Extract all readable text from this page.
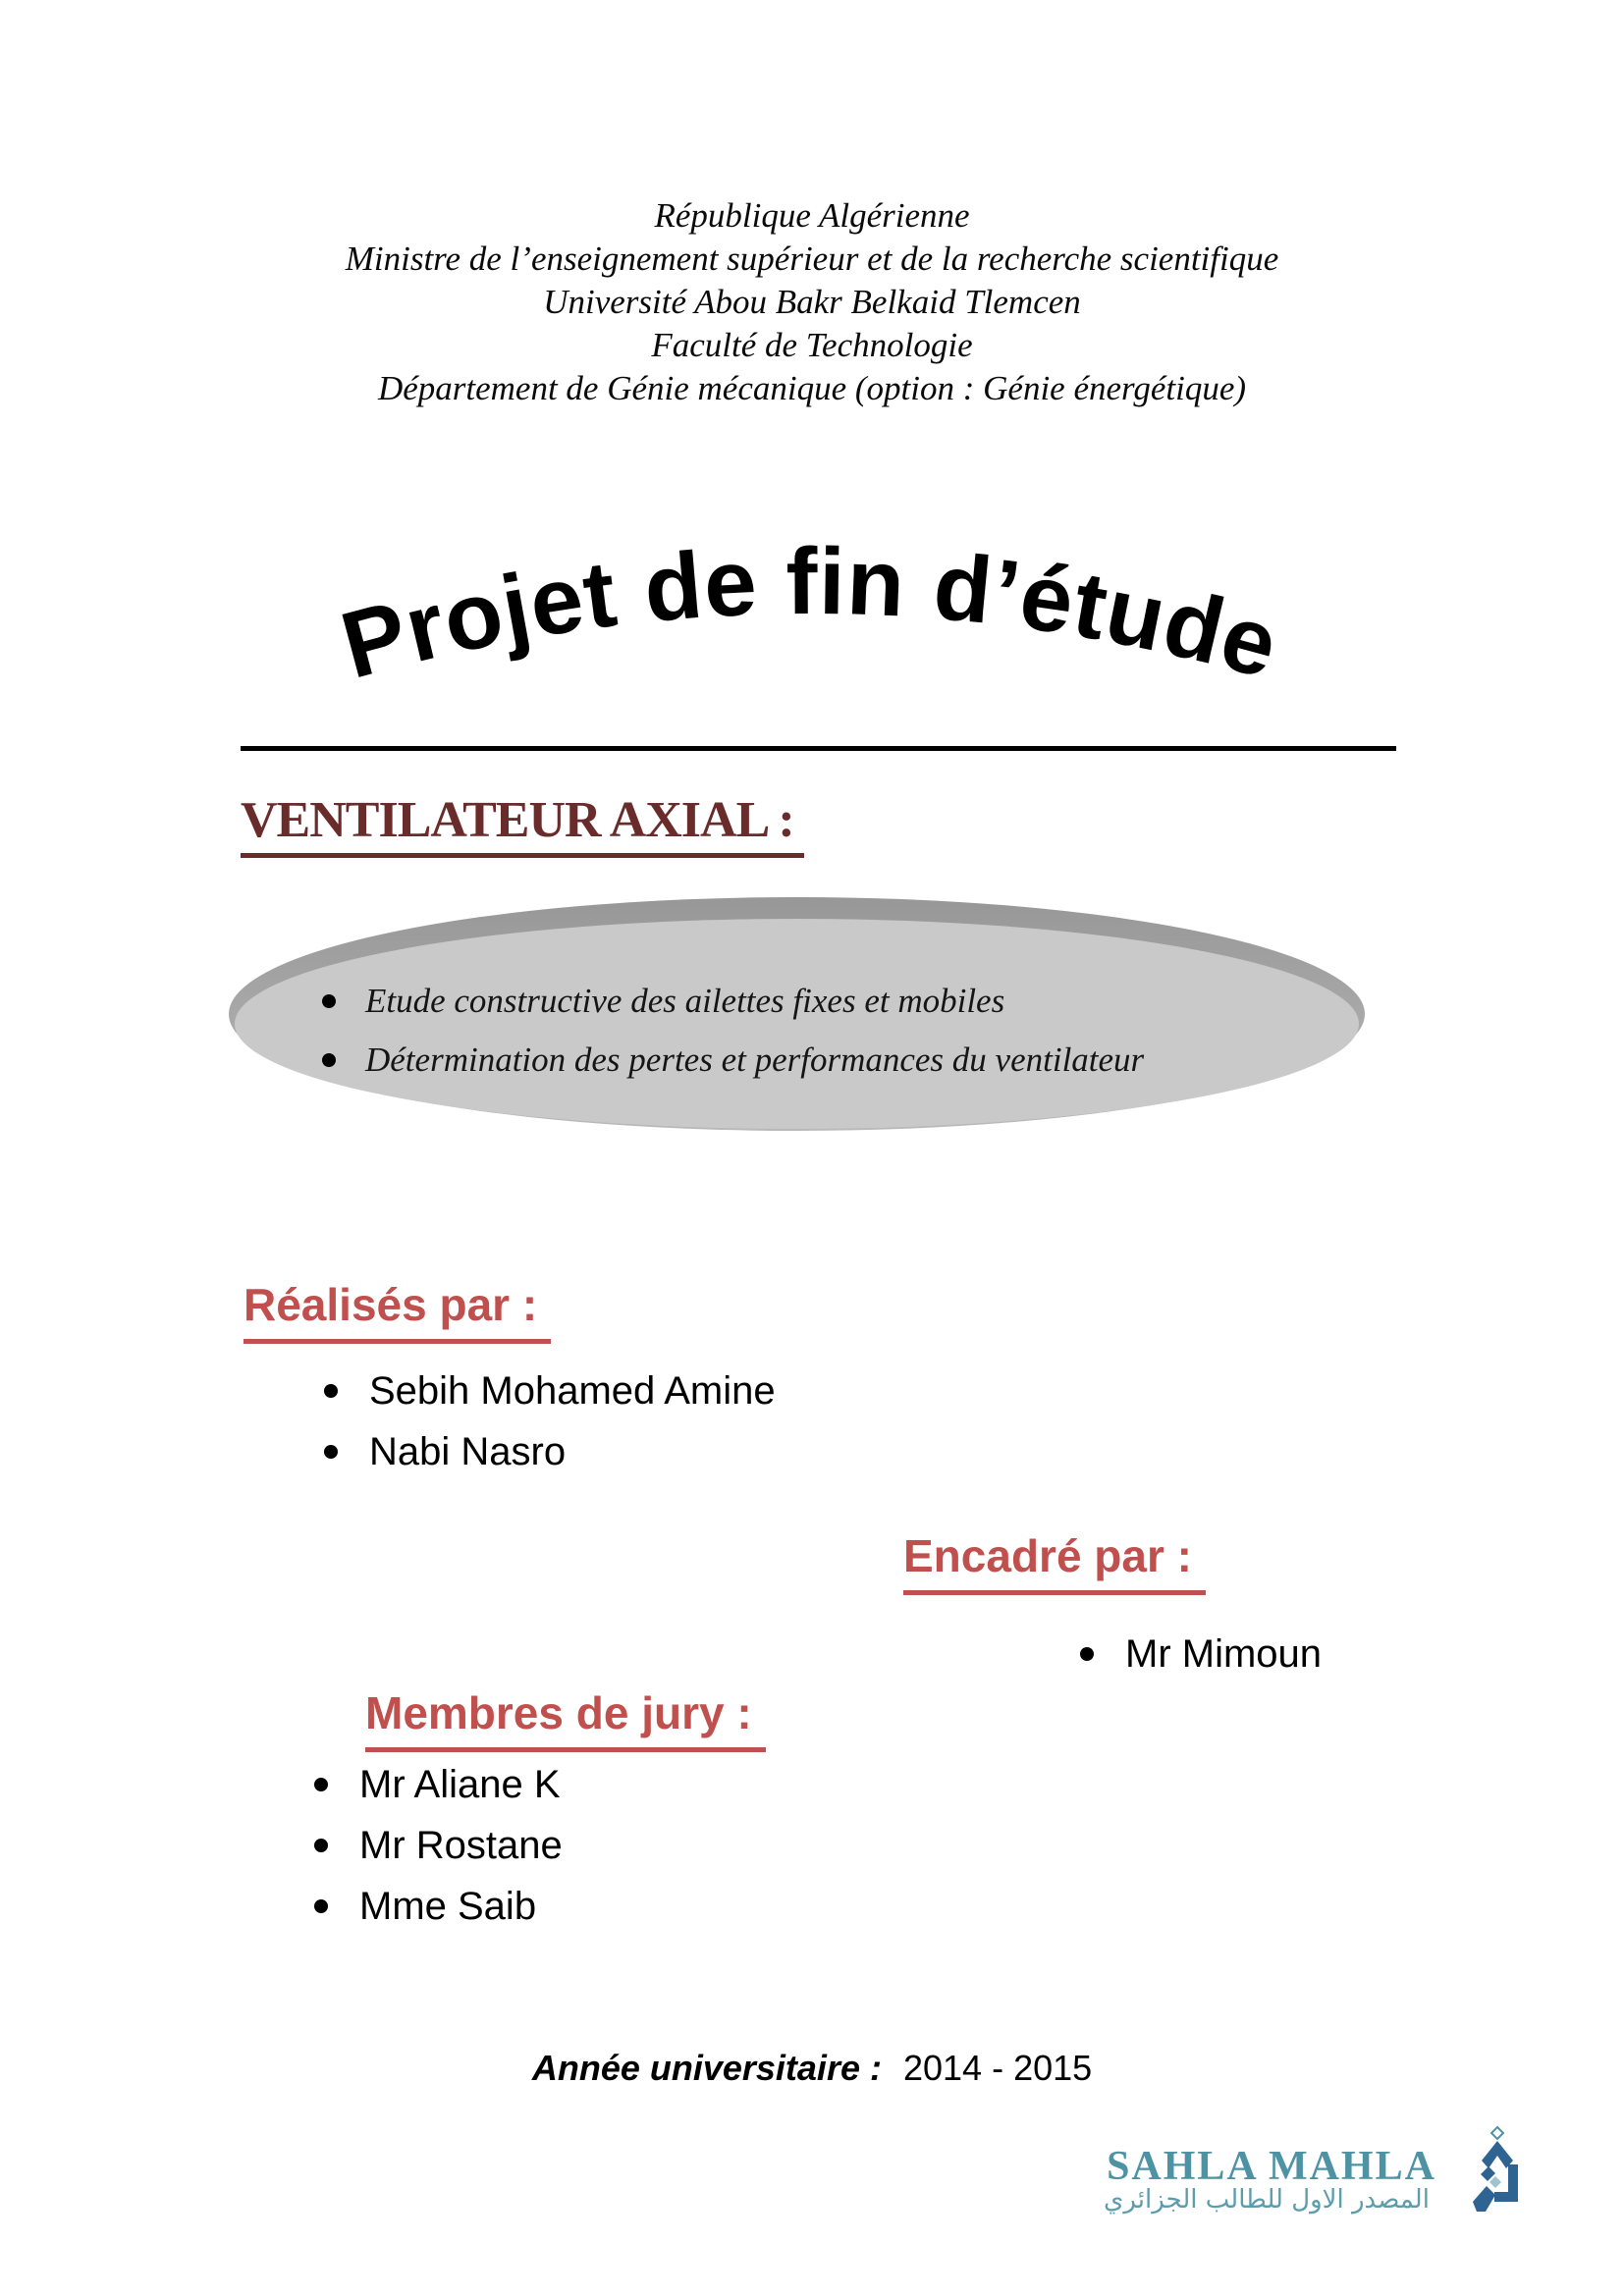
République Algérienne
Ministre de l’enseignement supérieur et de la recherche scientifique
Université Abou Bakr Belkaid Tlemcen
Faculté de Technologie
Département de Génie mécanique (option : Génie énergétique)
Projet de fin d’étude
VENTILATEUR AXIAL :
Etude constructive des ailettes fixes et mobiles
Détermination des pertes et performances du ventilateur
Réalisés par :
Sebih Mohamed Amine
Nabi Nasro
Encadré par :
Mr Mimoun
Membres de jury :
Mr Aliane K
Mr Rostane
Mme Saib
Année universitaire : 2014 - 2015
SAHLA MAHLA
المصدر الاول للطالب الجزائري
